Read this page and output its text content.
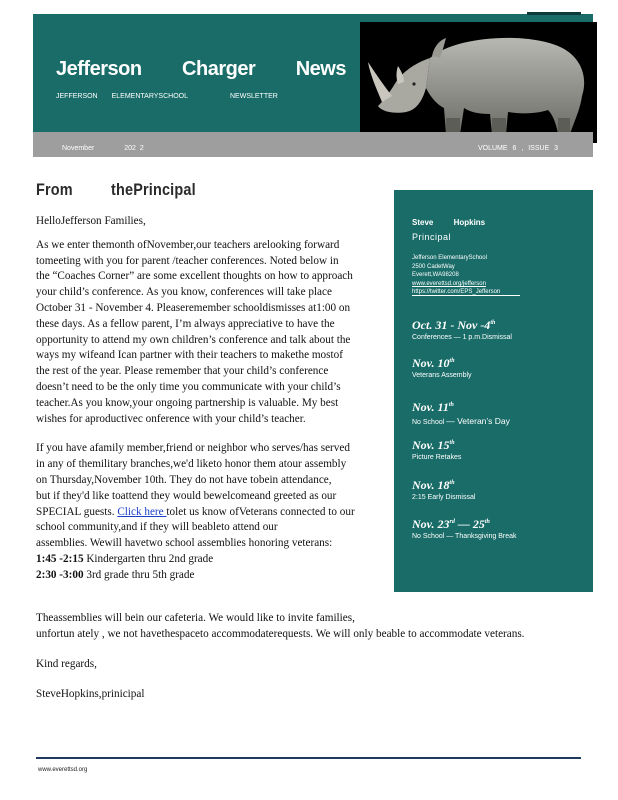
Jefferson Charger News
JEFFERSON ELEMENTARYSCHOOL	NEWSLETTER
November	202 2	VOLUME 6 , ISSUE 3
From thePrincipal

HelloJefferson Families,

As we enter themonth ofNovember,our teachers arelooking forward

tomeeting with you for parent /teacher conferences. Noted below in

the “Coaches Corner” are some excellent thoughts on how to approach

your child’s conference. As you know, conferences will take place

October 31 - November 4. Pleaseremember schooldismisses at1:00 on

these days. As a fellow parent, I’m always appreciative to have the

opportunity to attend my own children’s conference and talk about the

ways my wifeand Ican partner with their teachers to makethe mostof

the rest of the year. Please remember that your child’s conference

doesn’t need to be the only time you communicate with your child’s

teacher.As you know,your ongoing partnership is valuable. My best

wishes for aproductivec onference with your child’s teacher.

If you have afamily member,friend or neighbor who serves/has served

in any of themilitary branches,we'd liketo honor them atour assembly

on Thursday,November 10th. They do not have tobein attendance,

but if they'd like toattend they would bewelcomeand greeted as our

SPECIAL guests. Click here tolet us know ofVeterans connected to our

school community,and if they will beableto attend our

assemblies. Wewill havetwo school assemblies honoring veterans:

1:45 -2:15 Kindergarten thru 2nd grade

2:30 -3:00 3rd grade thru 5th grade

Theassemblies will bein our cafeteria. We would like to invite families,

unfortun ately , we not havethespaceto accommodaterequests. We will only beable to accommodate veterans.

Kind regards,

SteveHopkins,prinicipal

Steve Hopkins
Principal
Jefferson ElementarySchool
2500 CadetWay
Everett,WA98208
www.everettsd.org/jefferson
https://twitter.com/EPS_Jefferson
Oct. 31 - Nov -4th
Conferences — 1 p.m.Dismissal
Nov. 10th
Veterans Assembly
Nov. 11th
No School — Veteran’s Day
Nov. 15th
Picture Retakes
Nov. 18th
2:15 Early Dismissal
Nov. 23rd — 25th
No School — Thanksgiving Break
www.everettsd.org
